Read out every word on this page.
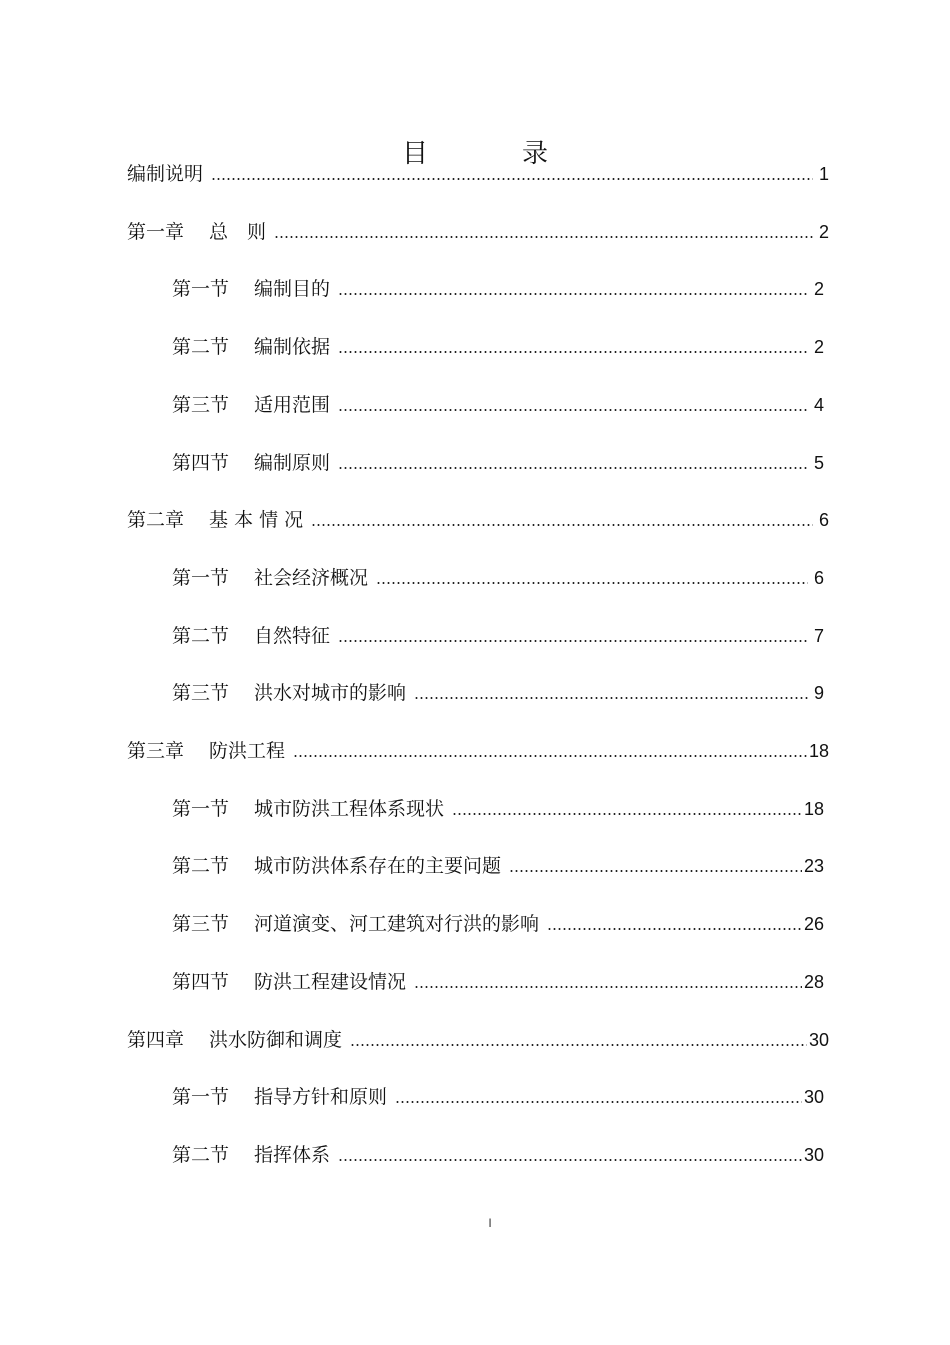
目　录
编制说明	1
第一章　 总　则	2
第一节　 编制目的	2
第二节　 编制依据	2
第三节　 适用范围	4
第四节　 编制原则	5
第二章　 基 本 情 况	6
第一节　 社会经济概况	6
第二节　 自然特征	7
第三节　 洪水对城市的影响	9
第三章　 防洪工程	18
第一节　 城市防洪工程体系现状	18
第二节　 城市防洪体系存在的主要问题	23
第三节　 河道演变、河工建筑对行洪的影响	26
第四节　 防洪工程建设情况	28
第四章　 洪水防御和调度	30
第一节　 指导方针和原则	30
第二节　 指挥体系	30
I
